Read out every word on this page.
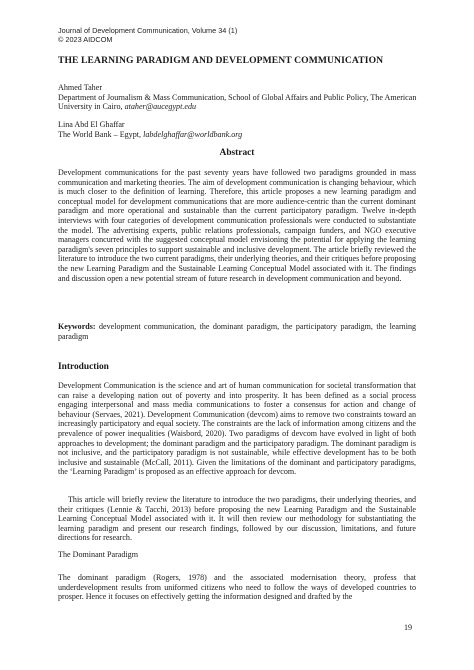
Journal of Development Communication, Volume 34 (1)
© 2023 AIDCOM
THE LEARNING PARADIGM AND DEVELOPMENT COMMUNICATION
Ahmed Taher
Department of Journalism & Mass Communication, School of Global Affairs and Public Policy, The American University in Cairo, ataher@aucegypt.edu
Lina Abd El Ghaffar
The World Bank – Egypt, labdelghaffar@worldbank.org
Abstract

Development communications for the past seventy years have followed two paradigms grounded in mass communication and marketing theories. The aim of development communication is changing behaviour, which is much closer to the definition of learning. Therefore, this article proposes a new learning paradigm and conceptual model for development communications that are more audience-centric than the current dominant paradigm and more operational and sustainable than the current participatory paradigm. Twelve in-depth interviews with four categories of development communication professionals were conducted to substantiate the model. The advertising experts, public relations professionals, campaign funders, and NGO executive managers concurred with the suggested conceptual model envisioning the potential for applying the learning paradigm's seven principles to support sustainable and inclusive development. The article briefly reviewed the literature to introduce the two current paradigms, their underlying theories, and their critiques before proposing the new Learning Paradigm and the Sustainable Learning Conceptual Model associated with it. The findings and discussion open a new potential stream of future research in development communication and beyond.

Keywords: development communication, the dominant paradigm, the participatory paradigm, the learning paradigm

Introduction

Development Communication is the science and art of human communication for societal transformation that can raise a developing nation out of poverty and into prosperity. It has been defined as a social process engaging interpersonal and mass media communications to foster a consensus for action and change of behaviour (Servaes, 2021). Development Communication (devcom) aims to remove two constraints toward an increasingly participatory and equal society. The constraints are the lack of information among citizens and the prevalence of power inequalities (Waisbord, 2020). Two paradigms of devcom have evolved in light of both approaches to development; the dominant paradigm and the participatory paradigm. The dominant paradigm is not inclusive, and the participatory paradigm is not sustainable, while effective development has to be both inclusive and sustainable (McCall, 2011). Given the limitations of the dominant and participatory paradigms, the ‘Learning Paradigm’ is proposed as an effective approach for devcom.

This article will briefly review the literature to introduce the two paradigms, their underlying theories, and their critiques (Lennie & Tacchi, 2013) before proposing the new Learning Paradigm and the Sustainable Learning Conceptual Model associated with it. It will then review our methodology for substantiating the learning paradigm and present our research findings, followed by our discussion, limitations, and future directions for research.

The Dominant Paradigm

The dominant paradigm (Rogers, 1978) and the associated modernisation theory, profess that underdevelopment results from uniformed citizens who need to follow the ways of developed countries to prosper. Hence it focuses on effectively getting the information designed and drafted by the

19
